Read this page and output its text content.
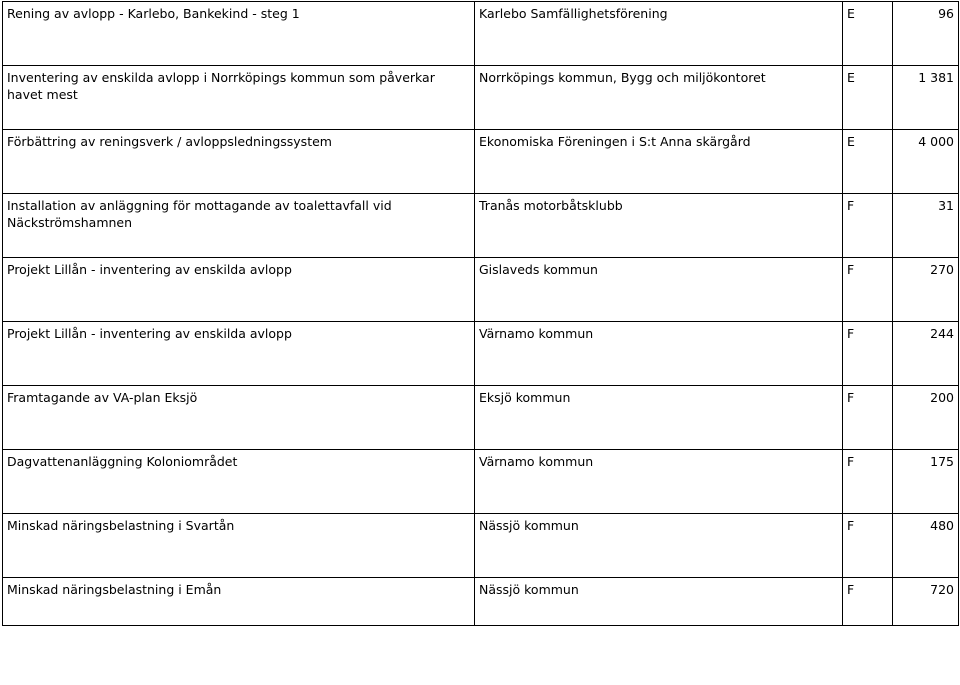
Rening av avlopp - Karlebo, Bankekind - steg 1	Karlebo Samfällighetsförening	E	96

Inventering av enskilda avlopp i Norrköpings kommun som påverkar havet mest	Norrköpings kommun, Bygg och miljökontoret	E	1 381

Förbättring av reningsverk / avloppsledningssystem	Ekonomiska Föreningen i S:t Anna skärgård	E	4 000

Installation av anläggning för mottagande av toalettavfall vid Näckströmshamnen	Tranås motorbåtsklubb	F	31

Projekt Lillån - inventering av enskilda avlopp	Gislaveds kommun	F	270

Projekt Lillån - inventering av enskilda avlopp	Värnamo kommun	F	244

Framtagande av VA-plan Eksjö	Eksjö kommun	F	200

Dagvattenanläggning Koloniområdet	Värnamo kommun	F	175

Minskad näringsbelastning i Svartån	Nässjö kommun	F	480

Minskad näringsbelastning i Emån	Nässjö kommun	F	720
